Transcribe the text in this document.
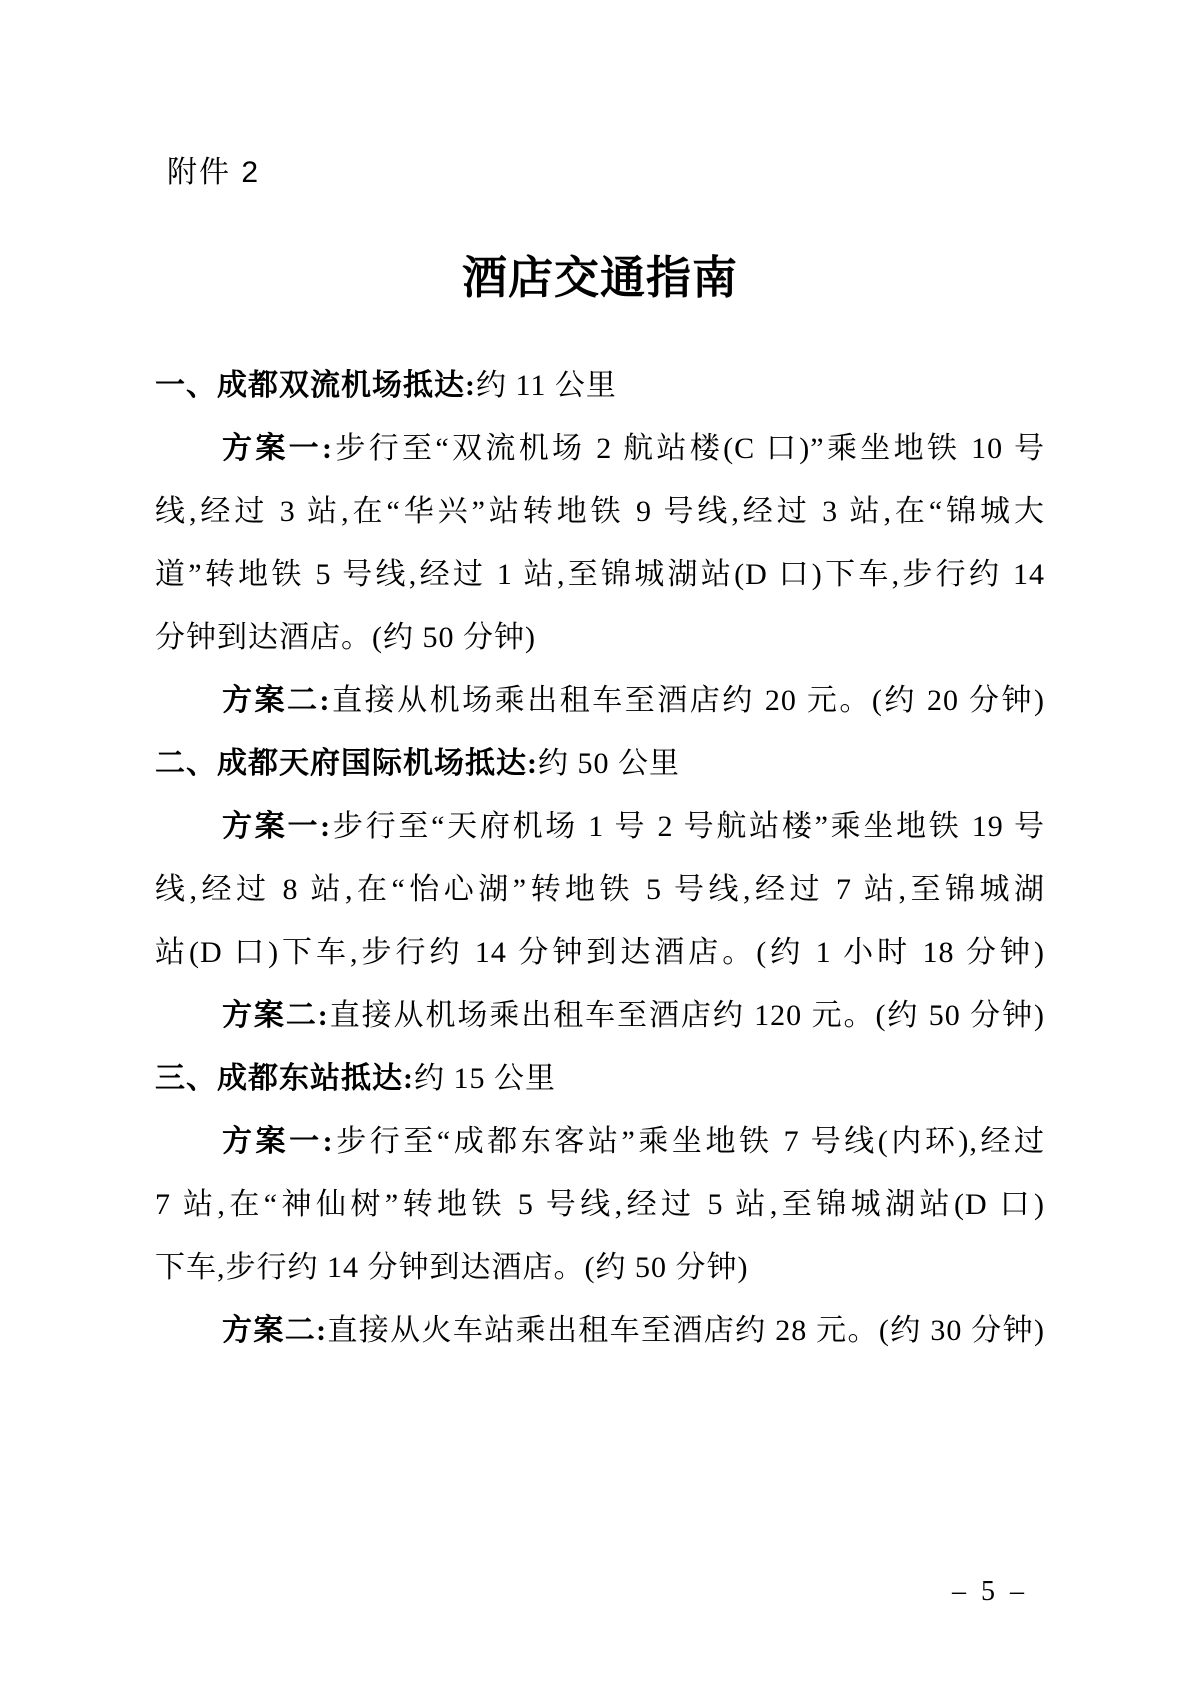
附件 2
酒店交通指南
一、成都双流机场抵达:约 11 公里
方案一:步行至“双流机场 2 航站楼(C 口)”乘坐地铁 10 号
线,经过 3 站,在“华兴”站转地铁 9 号线,经过 3 站,在“锦城大
道”转地铁 5 号线,经过 1 站,至锦城湖站(D 口)下车,步行约 14
分钟到达酒店。(约 50 分钟)
方案二:直接从机场乘出租车至酒店约 20 元。(约 20 分钟)
二、成都天府国际机场抵达:约 50 公里
方案一:步行至“天府机场 1 号 2 号航站楼”乘坐地铁 19 号
线,经过 8 站,在“怡心湖”转地铁 5 号线,经过 7 站,至锦城湖
站(D 口)下车,步行约 14 分钟到达酒店。(约 1 小时 18 分钟)
方案二:直接从机场乘出租车至酒店约 120 元。(约 50 分钟)
三、成都东站抵达:约 15 公里
方案一:步行至“成都东客站”乘坐地铁 7 号线(内环),经过
7 站,在“神仙树”转地铁 5 号线,经过 5 站,至锦城湖站(D 口)
下车,步行约 14 分钟到达酒店。(约 50 分钟)
方案二:直接从火车站乘出租车至酒店约 28 元。(约 30 分钟)
– 5 –
